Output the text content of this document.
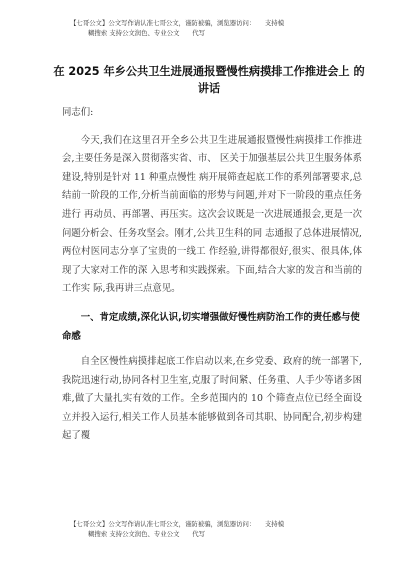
【七哥公文】公文写作请认准七哥公文，谨防被骗，浏览器访问：　　支持模
糊搜索 支持公文润色、专业公文　　代写
在 2025 年乡公共卫生进展通报暨慢性病摸排工作推进会上 的讲话

同志们:

今天,我们在这里召开全乡公共卫生进展通报暨慢性病摸排工作推进会,主要任务是深入贯彻落实省、市、 区关于加强基层公共卫生服务体系建设,特别是针对 11 种重点慢性 病开展筛查起底工作的系列部署要求,总结前一阶段的工作,分析当前面临的形势与问题,并对下一阶段的重点任务进行 再动员、再部署、再压实。这次会议既是一次进展通报会,更是一次问题分析会、任务攻坚会。刚才,公共卫生科的同 志通报了总体进展情况,两位村医同志分享了宝贵的一线工 作经验,讲得都很好,很实、很具体,体现了大家对工作的深 入思考和实践探索。下面,结合大家的发言和当前的工作实 际,我再讲三点意见。

一、肯定成绩,深化认识,切实增强做好慢性病防治工作的责任感与使命感

自全区慢性病摸排起底工作启动以来,在乡党委、政府的统一部署下,我院迅速行动,协同各村卫生室,克服了时间紧、任务重、人手少等诸多困难,做了大量扎实有效的工作。全乡范围内的 10 个筛查点位已经全面设立并投入运行,相关工作人员基本能够做到各司其职、协同配合,初步构建起了覆

【七哥公文】公文写作请认准七哥公文，谨防被骗，浏览器访问：　　支持模
糊搜索 支持公文润色、专业公文　　代写
